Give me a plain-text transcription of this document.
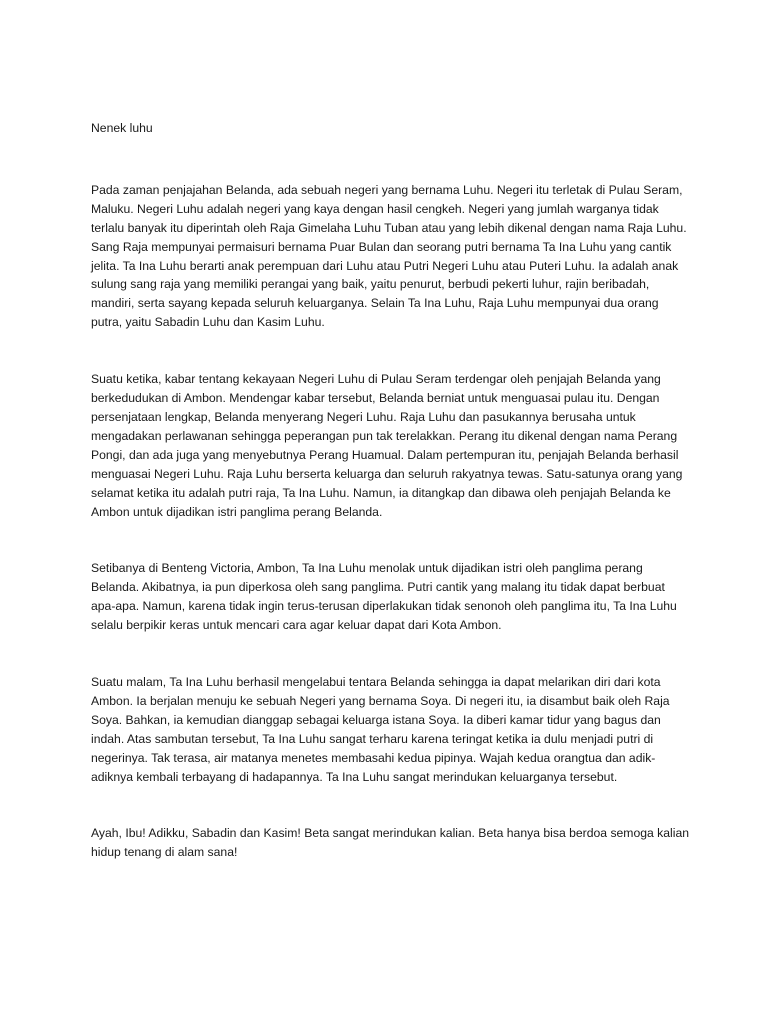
Nenek luhu

Pada zaman penjajahan Belanda, ada sebuah negeri yang bernama Luhu. Negeri itu terletak di Pulau Seram, Maluku. Negeri Luhu adalah negeri yang kaya dengan hasil cengkeh. Negeri yang jumlah warganya tidak terlalu banyak itu diperintah oleh Raja Gimelaha Luhu Tuban atau yang lebih dikenal dengan nama Raja Luhu. Sang Raja mempunyai permaisuri bernama Puar Bulan dan seorang putri bernama Ta Ina Luhu yang cantik jelita. Ta Ina Luhu berarti anak perempuan dari Luhu atau Putri Negeri Luhu atau Puteri Luhu. Ia adalah anak sulung sang raja yang memiliki perangai yang baik, yaitu penurut, berbudi pekerti luhur, rajin beribadah, mandiri, serta sayang kepada seluruh keluarganya. Selain Ta Ina Luhu, Raja Luhu mempunyai dua orang putra, yaitu Sabadin Luhu dan Kasim Luhu.

Suatu ketika, kabar tentang kekayaan Negeri Luhu di Pulau Seram terdengar oleh penjajah Belanda yang berkedudukan di Ambon. Mendengar kabar tersebut, Belanda berniat untuk menguasai pulau itu. Dengan persenjataan lengkap, Belanda menyerang Negeri Luhu. Raja Luhu dan pasukannya berusaha untuk mengadakan perlawanan sehingga peperangan pun tak terelakkan. Perang itu dikenal dengan nama Perang Pongi, dan ada juga yang menyebutnya Perang Huamual. Dalam pertempuran itu, penjajah Belanda berhasil menguasai Negeri Luhu. Raja Luhu berserta keluarga dan seluruh rakyatnya tewas. Satu-satunya orang yang selamat ketika itu adalah putri raja, Ta Ina Luhu. Namun, ia ditangkap dan dibawa oleh penjajah Belanda ke Ambon untuk dijadikan istri panglima perang Belanda.

Setibanya di Benteng Victoria, Ambon, Ta Ina Luhu menolak untuk dijadikan istri oleh panglima perang Belanda. Akibatnya, ia pun diperkosa oleh sang panglima. Putri cantik yang malang itu tidak dapat berbuat apa-apa. Namun, karena tidak ingin terus-terusan diperlakukan tidak senonoh oleh panglima itu, Ta Ina Luhu selalu berpikir keras untuk mencari cara agar keluar dapat dari Kota Ambon.

Suatu malam, Ta Ina Luhu berhasil mengelabui tentara Belanda sehingga ia dapat melarikan diri dari kota Ambon. Ia berjalan menuju ke sebuah Negeri yang bernama Soya. Di negeri itu, ia disambut baik oleh Raja Soya. Bahkan, ia kemudian dianggap sebagai keluarga istana Soya. Ia diberi kamar tidur yang bagus dan indah. Atas sambutan tersebut, Ta Ina Luhu sangat terharu karena teringat ketika ia dulu menjadi putri di negerinya. Tak terasa, air matanya menetes membasahi kedua pipinya. Wajah kedua orangtua dan adik-adiknya kembali terbayang di hadapannya. Ta Ina Luhu sangat merindukan keluarganya tersebut.

Ayah, Ibu! Adikku, Sabadin dan Kasim! Beta sangat merindukan kalian. Beta hanya bisa berdoa semoga kalian hidup tenang di alam sana!
